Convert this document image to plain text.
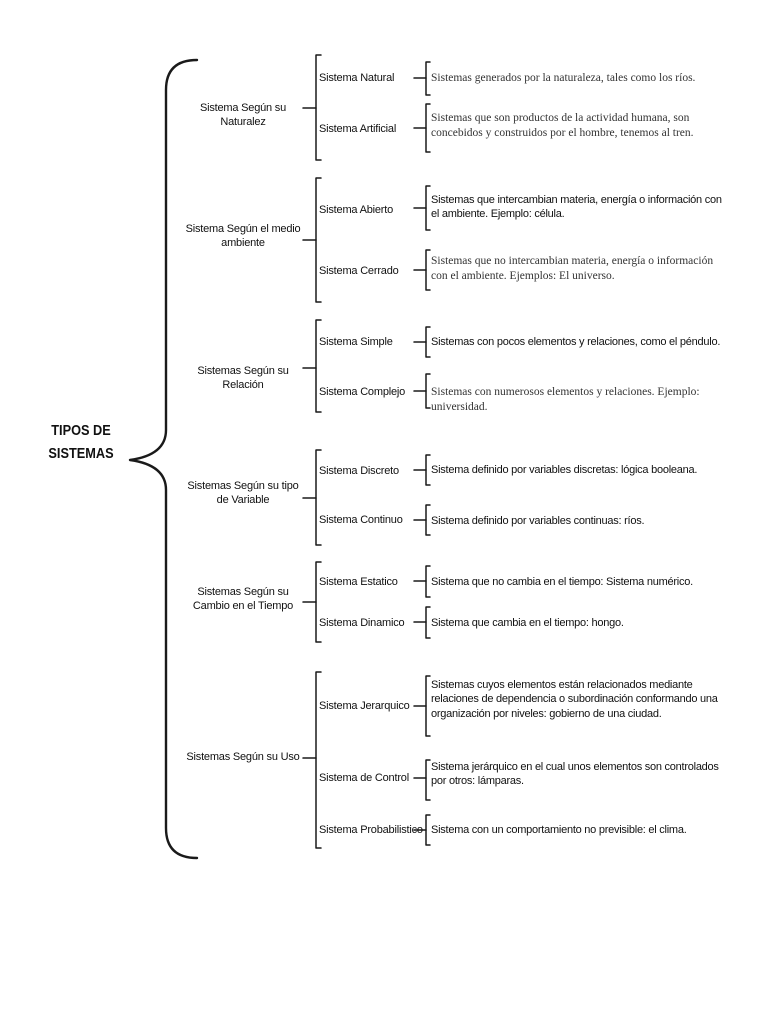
TIPOS DE SISTEMAS
Sistema Según su Naturalez
Sistema Según el medio ambiente
Sistemas Según su Relación
Sistemas Según su tipo de Variable
Sistemas Según su Cambio en el Tiempo
Sistemas Según su Uso
Sistema Natural
Sistema Artificial
Sistema Abierto
Sistema Cerrado
Sistema Simple
Sistema Complejo
Sistema Discreto
Sistema Continuo
Sistema Estatico
Sistema Dinamico
Sistema Jerarquico
Sistema de Control
Sistema Probabilistico
Sistemas generados por la naturaleza, tales como los ríos.
Sistemas que son productos de la actividad humana, son concebidos y construidos por el hombre, tenemos al tren.
Sistemas que intercambian materia, energía o información con el ambiente. Ejemplo: célula.
Sistemas que no intercambian materia, energía o información con el ambiente. Ejemplos: El universo.
Sistemas con pocos elementos y relaciones, como el péndulo.
Sistemas con numerosos elementos y relaciones. Ejemplo: universidad.
Sistema definido por variables discretas: lógica booleana.
Sistema definido por variables continuas: ríos.
Sistema que no cambia en el tiempo: Sistema numérico.
Sistema que cambia en el tiempo: hongo.
Sistemas cuyos elementos están relacionados mediante relaciones de dependencia o subordinación conformando una organización por niveles: gobierno de una ciudad.
Sistema jerárquico en el cual unos elementos son controlados por otros: lámparas.
Sistema con un comportamiento no previsible: el clima.
